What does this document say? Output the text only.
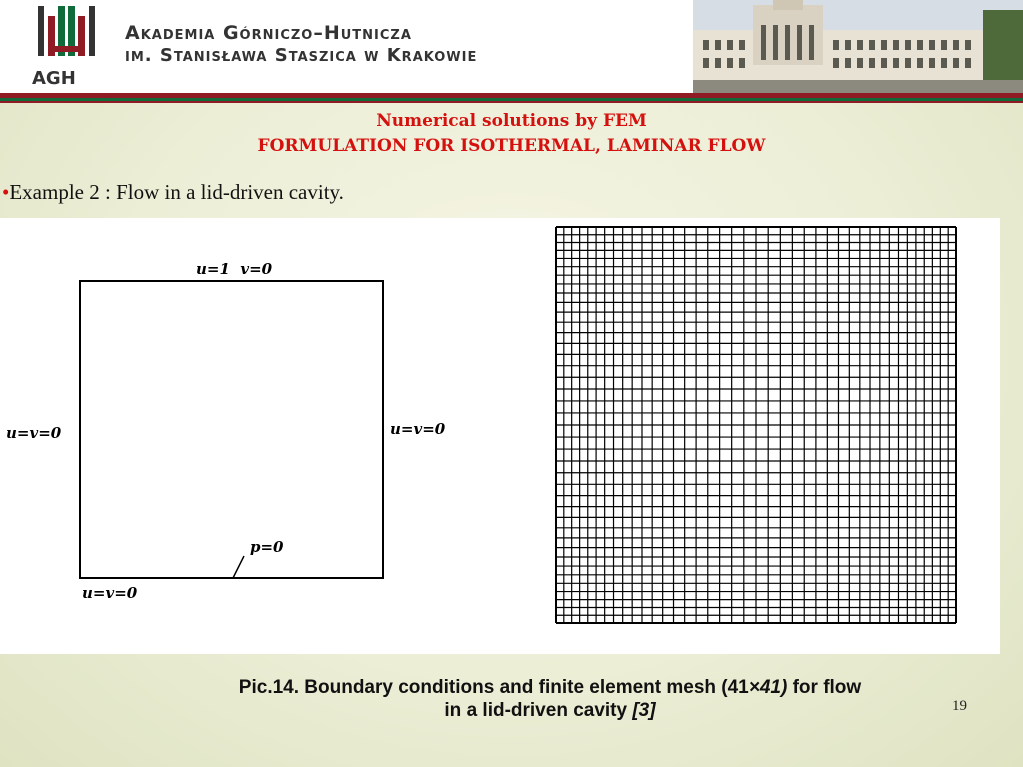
AGH
Akademia Górniczo–Hutnicza
im. Stanisława Staszica w Krakowie
Numerical solutions by FEM
FORMULATION FOR ISOTHERMAL, LAMINAR FLOW
•Example 2 : Flow in a lid-driven cavity.
u=1  v=0
u=v=0	u=v=0
u=v=0
p=0
Pic.14. Boundary conditions and finite element mesh (41×41) for flow
in a lid-driven cavity [3]	19
